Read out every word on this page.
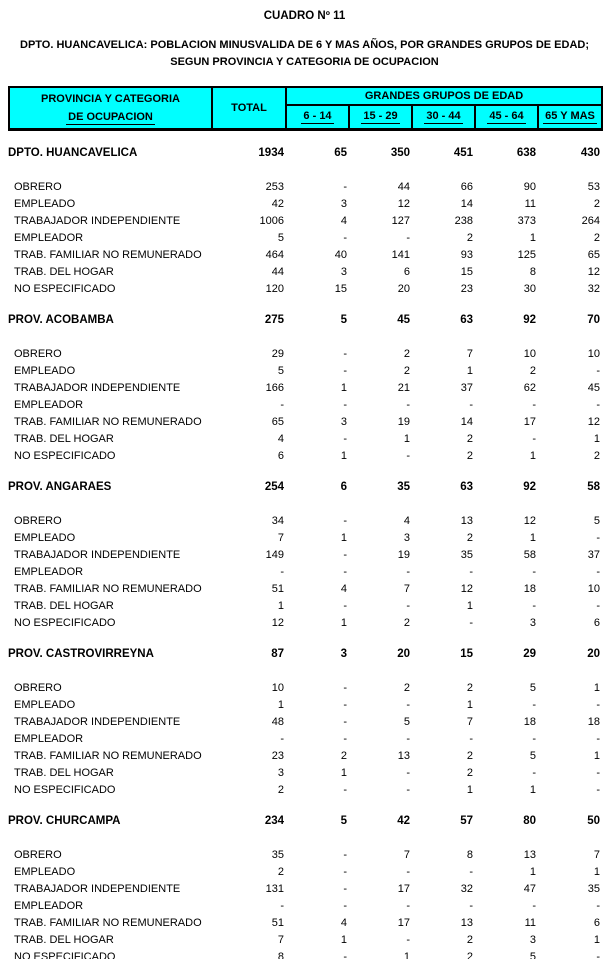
CUADRO Nº 11
DPTO. HUANCAVELICA: POBLACION MINUSVALIDA DE 6 Y MAS AÑOS, POR GRANDES GRUPOS DE EDAD;
SEGUN PROVINCIA Y CATEGORIA DE OCUPACION
PROVINCIA Y CATEGORIA
DE OCUPACION	TOTAL	GRANDES GRUPOS DE EDAD				
		6 - 14	15 - 29	30 - 44	45 - 64	65 Y MAS
DPTO. HUANCAVELICA	1934	65	350	451	638	430
OBRERO	253	-	44	66	90	53
EMPLEADO	42	3	12	14	11	2
TRABAJADOR INDEPENDIENTE	1006	4	127	238	373	264
EMPLEADOR	5	-	-	2	1	2
TRAB. FAMILIAR NO REMUNERADO	464	40	141	93	125	65
TRAB. DEL HOGAR	44	3	6	15	8	12
NO ESPECIFICADO	120	15	20	23	30	32
PROV. ACOBAMBA	275	5	45	63	92	70
OBRERO	29	-	2	7	10	10
EMPLEADO	5	-	2	1	2	-
TRABAJADOR INDEPENDIENTE	166	1	21	37	62	45
EMPLEADOR	-	-	-	-	-	-
TRAB. FAMILIAR NO REMUNERADO	65	3	19	14	17	12
TRAB. DEL HOGAR	4	-	1	2	-	1
NO ESPECIFICADO	6	1	-	2	1	2
PROV. ANGARAES	254	6	35	63	92	58
OBRERO	34	-	4	13	12	5
EMPLEADO	7	1	3	2	1	-
TRABAJADOR INDEPENDIENTE	149	-	19	35	58	37
EMPLEADOR	-	-	-	-	-	-
TRAB. FAMILIAR NO REMUNERADO	51	4	7	12	18	10
TRAB. DEL HOGAR	1	-	-	1	-	-
NO ESPECIFICADO	12	1	2	-	3	6
PROV. CASTROVIRREYNA	87	3	20	15	29	20
OBRERO	10	-	2	2	5	1
EMPLEADO	1	-	-	1	-	-
TRABAJADOR INDEPENDIENTE	48	-	5	7	18	18
EMPLEADOR	-	-	-	-	-	-
TRAB. FAMILIAR NO REMUNERADO	23	2	13	2	5	1
TRAB. DEL HOGAR	3	1	-	2	-	-
NO ESPECIFICADO	2	-	-	1	1	-
PROV. CHURCAMPA	234	5	42	57	80	50
OBRERO	35	-	7	8	13	7
EMPLEADO	2	-	-	-	1	1
TRABAJADOR INDEPENDIENTE	131	-	17	32	47	35
EMPLEADOR	-	-	-	-	-	-
TRAB. FAMILIAR NO REMUNERADO	51	4	17	13	11	6
TRAB. DEL HOGAR	7	1	-	2	3	1
NO ESPECIFICADO	8	-	1	2	5	-
